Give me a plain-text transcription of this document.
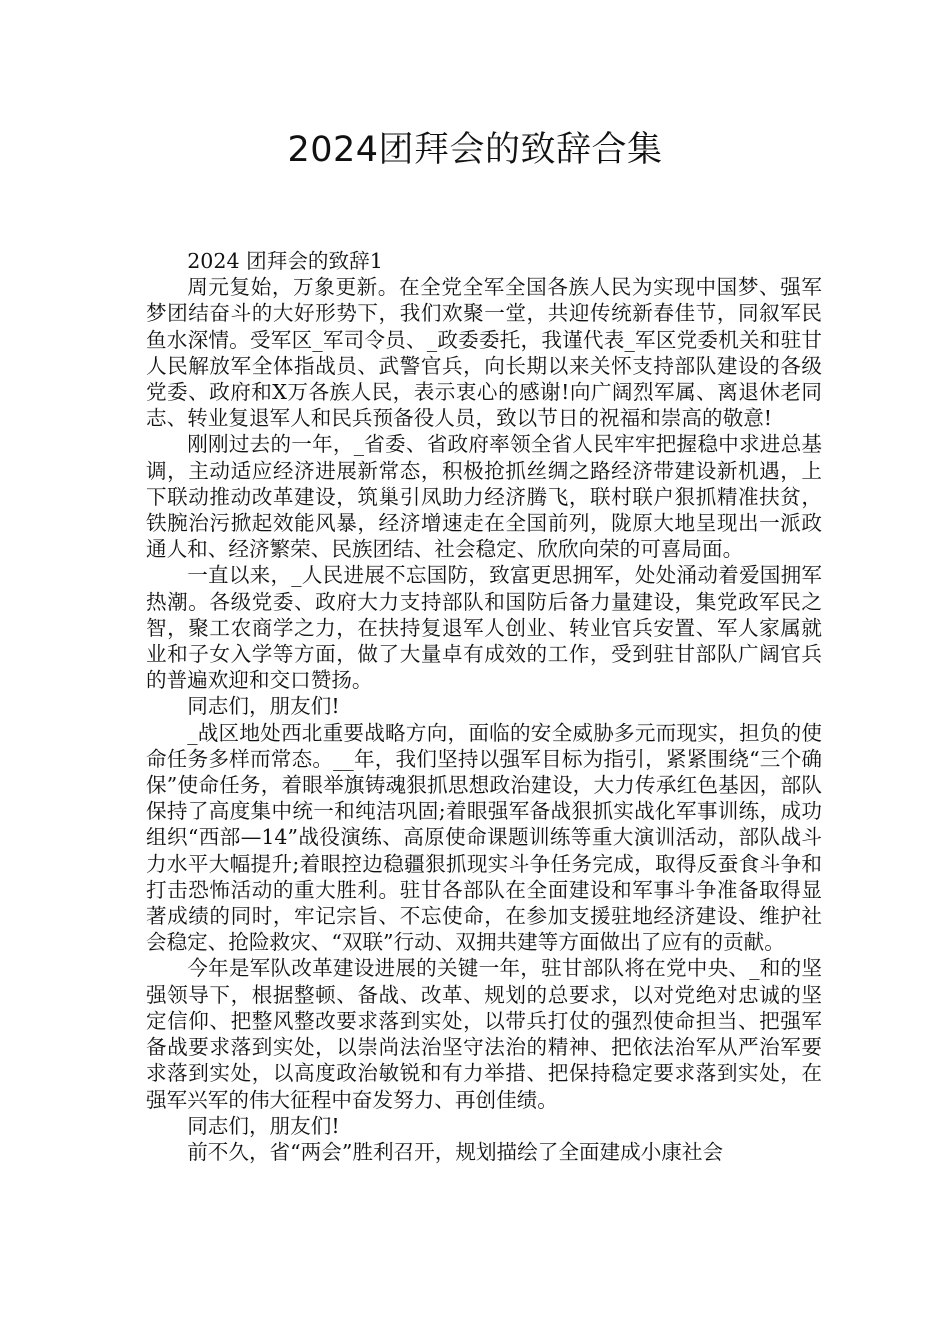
2024团拜会的致辞合集

2024 团拜会的致辞1

周元复始，万象更新。在全党全军全国各族人民为实现中国梦、强军梦团结奋斗的大好形势下，我们欢聚一堂，共迎传统新春佳节，同叙军民鱼水深情。受军区_军司令员、_政委委托，我谨代表_军区党委机关和驻甘人民解放军全体指战员、武警官兵，向长期以来关怀支持部队建设的各级党委、政府和X万各族人民，表示衷心的感谢!向广阔烈军属、离退休老同志、转业复退军人和民兵预备役人员，致以节日的祝福和崇高的敬意!

刚刚过去的一年，_省委、省政府率领全省人民牢牢把握稳中求进总基调，主动适应经济进展新常态，积极抢抓丝绸之路经济带建设新机遇，上下联动推动改革建设，筑巢引凤助力经济腾飞，联村联户狠抓精准扶贫，铁腕治污掀起效能风暴，经济增速走在全国前列，陇原大地呈现出一派政通人和、经济繁荣、民族团结、社会稳定、欣欣向荣的可喜局面。

一直以来，_人民进展不忘国防，致富更思拥军，处处涌动着爱国拥军热潮。各级党委、政府大力支持部队和国防后备力量建设，集党政军民之智，聚工农商学之力，在扶持复退军人创业、转业官兵安置、军人家属就业和子女入学等方面，做了大量卓有成效的工作，受到驻甘部队广阔官兵的普遍欢迎和交口赞扬。

同志们，朋友们!

_战区地处西北重要战略方向，面临的安全威胁多元而现实，担负的使命任务多样而常态。__年，我们坚持以强军目标为指引，紧紧围绕“三个确保”使命任务，着眼举旗铸魂狠抓思想政治建设，大力传承红色基因，部队保持了高度集中统一和纯洁巩固;着眼强军备战狠抓实战化军事训练，成功组织“西部—14”战役演练、高原使命课题训练等重大演训活动，部队战斗力水平大幅提升;着眼控边稳疆狠抓现实斗争任务完成，取得反蚕食斗争和打击恐怖活动的重大胜利。驻甘各部队在全面建设和军事斗争准备取得显著成绩的同时，牢记宗旨、不忘使命，在参加支援驻地经济建设、维护社会稳定、抢险救灾、“双联”行动、双拥共建等方面做出了应有的贡献。

今年是军队改革建设进展的关键一年，驻甘部队将在党中央、_和的坚强领导下，根据整顿、备战、改革、规划的总要求，以对党绝对忠诚的坚定信仰、把整风整改要求落到实处，以带兵打仗的强烈使命担当、把强军备战要求落到实处，以崇尚法治坚守法治的精神、把依法治军从严治军要求落到实处，以高度政治敏锐和有力举措、把保持稳定要求落到实处，在强军兴军的伟大征程中奋发努力、再创佳绩。

同志们，朋友们!

前不久，省“两会”胜利召开，规划描绘了全面建成小康社会
